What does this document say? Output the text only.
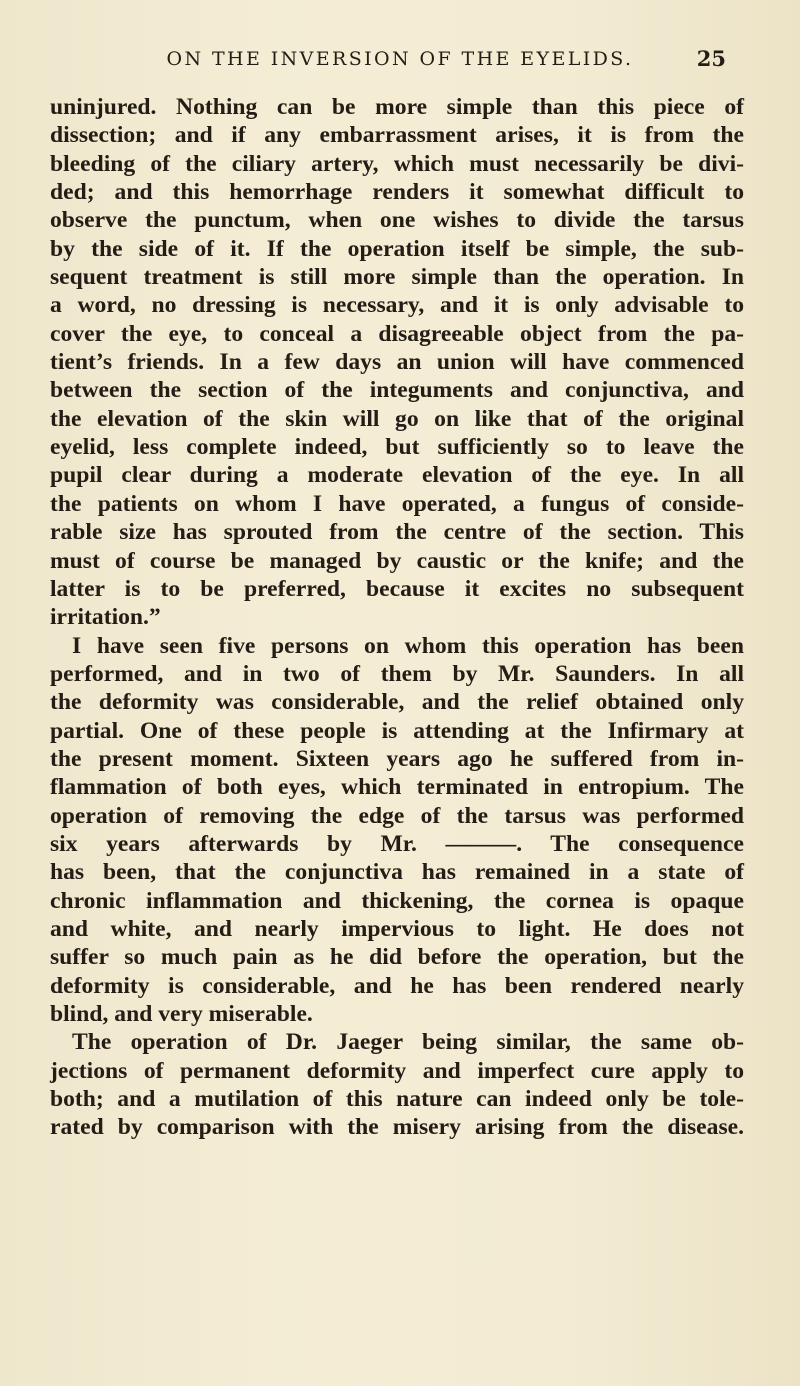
ON THE INVERSION OF THE EYELIDS.	25
uninjured. Nothing can be more simple than this piece of
dissection; and if any embarrassment arises, it is from the
bleeding of the ciliary artery, which must necessarily be divi-
ded; and this hemorrhage renders it somewhat difficult to
observe the punctum, when one wishes to divide the tarsus
by the side of it. If the operation itself be simple, the sub-
sequent treatment is still more simple than the operation. In
a word, no dressing is necessary, and it is only advisable to
cover the eye, to conceal a disagreeable object from the pa-
tient’s friends. In a few days an union will have commenced
between the section of the integuments and conjunctiva, and
the elevation of the skin will go on like that of the original
eyelid, less complete indeed, but sufficiently so to leave the
pupil clear during a moderate elevation of the eye. In all
the patients on whom I have operated, a fungus of conside-
rable size has sprouted from the centre of the section. This
must of course be managed by caustic or the knife; and the
latter is to be preferred, because it excites no subsequent
irritation.”
I have seen five persons on whom this operation has been
performed, and in two of them by Mr. Saunders. In all
the deformity was considerable, and the relief obtained only
partial. One of these people is attending at the Infirmary at
the present moment. Sixteen years ago he suffered from in-
flammation of both eyes, which terminated in entropium. The
operation of removing the edge of the tarsus was performed
six years afterwards by Mr. ———. The consequence
has been, that the conjunctiva has remained in a state of
chronic inflammation and thickening, the cornea is opaque
and white, and nearly impervious to light. He does not
suffer so much pain as he did before the operation, but the
deformity is considerable, and he has been rendered nearly
blind, and very miserable.
The operation of Dr. Jaeger being similar, the same ob-
jections of permanent deformity and imperfect cure apply to
both; and a mutilation of this nature can indeed only be tole-
rated by comparison with the misery arising from the disease.
